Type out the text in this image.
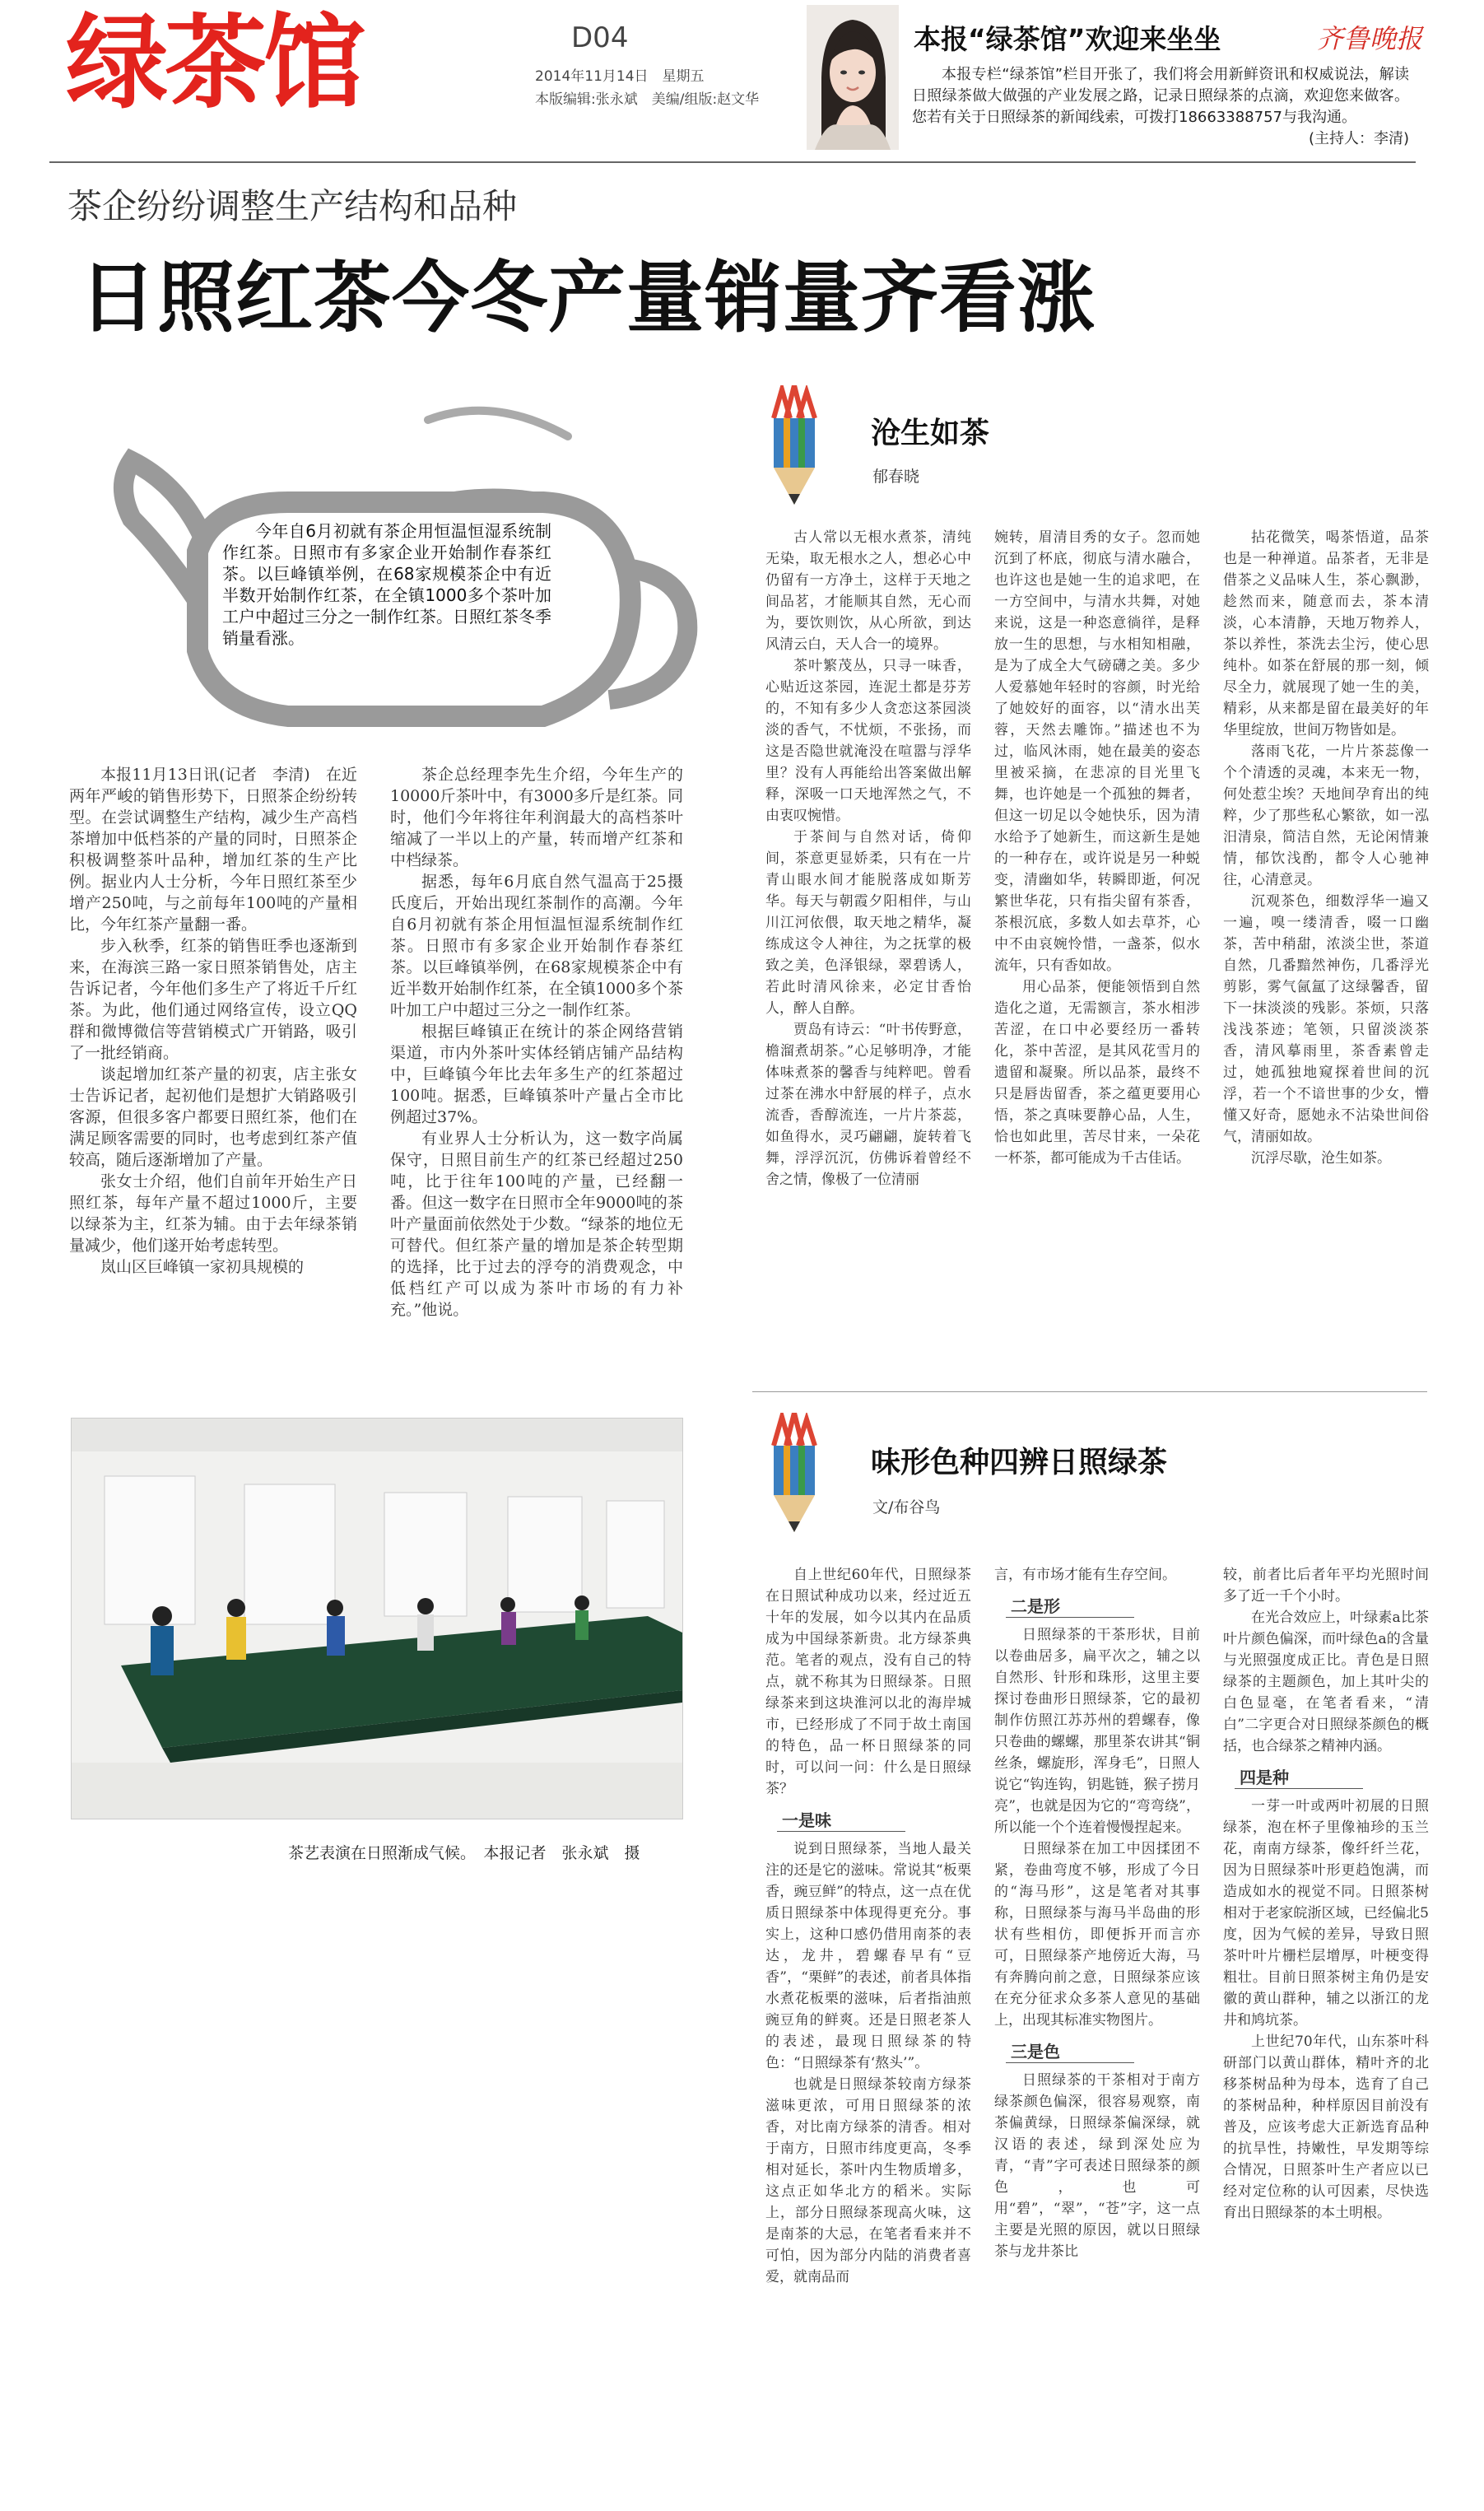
绿茶馆	D04
2014年11月14日　星期五
本版编辑:张永斌　美编/组版:赵文华
本报“绿茶馆”欢迎来坐坐	齐鲁晚报
本报专栏“绿茶馆”栏目开张了，我们将会用新鲜资讯和权威说法，解读日照绿茶做大做强的产业发展之路，记录日照绿茶的点滴，欢迎您来做客。您若有关于日照绿茶的新闻线索，可拨打18663388757与我沟通。
(主持人：李清)
茶企纷纷调整生产结构和品种
日照红茶今冬产量销量齐看涨
今年自6月初就有茶企用恒温恒湿系统制作红茶。日照市有多家企业开始制作春茶红茶。以巨峰镇举例，在68家规模茶企中有近半数开始制作红茶，在全镇1000多个茶叶加工户中超过三分之一制作红茶。日照红茶冬季销量看涨。

本报11月13日讯(记者　李清)　在近两年严峻的销售形势下，日照茶企纷纷转型。在尝试调整生产结构，减少生产高档茶增加中低档茶的产量的同时，日照茶企积极调整茶叶品种，增加红茶的生产比例。据业内人士分析，今年日照红茶至少增产250吨，与之前每年100吨的产量相比，今年红茶产量翻一番。

步入秋季，红茶的销售旺季也逐渐到来，在海滨三路一家日照茶销售处，店主告诉记者，今年他们多生产了将近千斤红茶。为此，他们通过网络宣传，设立QQ群和微博微信等营销模式广开销路，吸引了一批经销商。

谈起增加红茶产量的初衷，店主张女士告诉记者，起初他们是想扩大销路吸引客源，但很多客户都要日照红茶，他们在满足顾客需要的同时，也考虑到红茶产值较高，随后逐渐增加了产量。

张女士介绍，他们自前年开始生产日照红茶，每年产量不超过1000斤，主要以绿茶为主，红茶为辅。由于去年绿茶销量减少，他们遂开始考虑转型。

岚山区巨峰镇一家初具规模的

茶企总经理李先生介绍，今年生产的10000斤茶叶中，有3000多斤是红茶。同时，他们今年将往年利润最大的高档茶叶缩减了一半以上的产量，转而增产红茶和中档绿茶。

据悉，每年6月底自然气温高于25摄氏度后，开始出现红茶制作的高潮。今年自6月初就有茶企用恒温恒湿系统制作红茶。日照市有多家企业开始制作春茶红茶。以巨峰镇举例，在68家规模茶企中有近半数开始制作红茶，在全镇1000多个茶叶加工户中超过三分之一制作红茶。

根据巨峰镇正在统计的茶企网络营销渠道，市内外茶叶实体经销店铺产品结构中，巨峰镇今年比去年多生产的红茶超过100吨。据悉，巨峰镇茶叶产量占全市比例超过37%。

有业界人士分析认为，这一数字尚属保守，日照目前生产的红茶已经超过250吨，比于往年100吨的产量，已经翻一番。但这一数字在日照市全年9000吨的茶叶产量面前依然处于少数。“绿茶的地位无可替代。但红茶产量的增加是茶企转型期的选择，比于过去的浮夸的消费观念，中低档红产可以成为茶叶市场的有力补充。”他说。

茶艺表演在日照渐成气候。　本报记者　张永斌　摄
沧生如茶
郁春晓

古人常以无根水煮茶，清纯无染，取无根水之人，想必心中仍留有一方净土，这样于天地之间品茗，才能顺其自然，无心而为，要饮则饮，从心所欲，到达风清云白，天人合一的境界。

茶叶繁茂丛，只寻一味香，心贴近这茶园，连泥土都是芬芳的，不知有多少人贪恋这茶园淡淡的香气，不忧烦，不张扬，而这是否隐世就淹没在喧嚣与浮华里？没有人再能给出答案做出解释，深吸一口天地浑然之气，不由衷叹惋惜。

于茶间与自然对话，倚仰间，茶意更显娇柔，只有在一片青山眼水间才能脱落成如斯芳华。每天与朝霞夕阳相伴，与山川江河依偎，取天地之精华，凝练成这令人神往，为之抚掌的极致之美，色泽银绿，翠碧诱人，若此时清风徐来，必定甘香怡人，醉人自醉。

贾岛有诗云：“叶书传野意，檐溜煮胡茶。”心足够明净，才能体味煮茶的馨香与纯粹吧。曾看过茶在沸水中舒展的样子，点水流香，香醇流连，一片片茶蕊，如鱼得水，灵巧翩翩，旋转着飞舞，浮浮沉沉，仿佛诉着曾经不舍之情，像极了一位清丽

婉转，眉清目秀的女子。忽而她沉到了杯底，彻底与清水融合，也许这也是她一生的追求吧，在一方空间中，与清水共舞，对她来说，这是一种恣意徜徉，是释放一生的思想，与水相知相融，是为了成全大气磅礴之美。多少人爱慕她年轻时的容颜，时光给了她姣好的面容，以“清水出芙蓉，天然去雕饰。”描述也不为过，临风沐雨，她在最美的姿态里被采摘，在悲凉的目光里飞舞，也许她是一个孤独的舞者，但这一切足以令她快乐，因为清水给予了她新生，而这新生是她的一种存在，或许说是另一种蜕变，清幽如华，转瞬即逝，何况繁世华花，只有指尖留有茶香，茶根沉底，多数人如去草芥，心中不由哀婉怜惜，一盏茶，似水流年，只有香如故。

用心品茶，便能领悟到自然造化之道，无需额言，茶水相涉苦涩，在口中必要经历一番转化，茶中苦涩，是其风花雪月的遗留和凝聚。所以品茶，最终不只是唇齿留香，茶之蕴更要用心悟，茶之真味要静心品，人生，恰也如此里，苦尽甘来，一朵花一杯茶，都可能成为千古佳话。

拈花微笑，喝茶悟道，品茶也是一种禅道。品茶者，无非是借茶之义品味人生，茶心飘渺，趁然而来，随意而去，茶本清淡，心本清静，天地万物养人，茶以养性，茶洗去尘污，使心思纯朴。如茶在舒展的那一刻，倾尽全力，就展现了她一生的美，精彩，从来都是留在最美好的年华里绽放，世间万物皆如是。

落雨飞花，一片片茶蕊像一个个清透的灵魂，本来无一物，何处惹尘埃？天地间孕育出的纯粹，少了那些私心繁欲，如一泓汨清泉，简洁自然，无论闲情兼情，郁饮浅酌，都令人心驰神往，心清意灵。

沉观茶色，细数浮华一遍又一遍，嗅一缕清香，啜一口幽茶，苦中稍甜，浓淡尘世，茶道自然，几番黯然神伤，几番浮光剪影，雾气氤氲了这绿馨香，留下一抹淡淡的残影。茶烦，只落浅浅茶迹；笔领，只留淡淡茶香，清风摹雨里，茶香素曾走过，她孤独地窥探着世间的沉浮，若一个不谙世事的少女，懵懂又好奇，愿她永不沾染世间俗气，清丽如故。

沉浮尽歇，沧生如茶。

味形色种四辨日照绿茶
文/布谷鸟

自上世纪60年代，日照绿茶在日照试种成功以来，经过近五十年的发展，如今以其内在品质成为中国绿茶新贵。北方绿茶典范。笔者的观点，没有自己的特点，就不称其为日照绿茶。日照绿茶来到这块淮河以北的海岸城市，已经形成了不同于故土南国的特色，品一杯日照绿茶的同时，可以问一问：什么是日照绿茶？

一是味

说到日照绿茶，当地人最关注的还是它的滋味。常说其“板栗香，豌豆鲜”的特点，这一点在优质日照绿茶中体现得更充分。事实上，这种口感仍借用南茶的表达，龙井，碧螺春早有“豆香”，“栗鲜”的表述，前者具体指水煮花板栗的滋味，后者指油煎豌豆角的鲜爽。还是日照老茶人的表述，最现日照绿茶的特色：“日照绿茶有‘熬头’”。

也就是日照绿茶较南方绿茶滋味更浓，可用日照绿茶的浓香，对比南方绿茶的清香。相对于南方，日照市纬度更高，冬季相对延长，茶叶内生物质增多，这点正如华北方的稻米。实际上，部分日照绿茶现高火味，这是南茶的大忌，在笔者看来并不可怕，因为部分内陆的消费者喜爱，就南品而

言，有市场才能有生存空间。

二是形

日照绿茶的干茶形状，目前以卷曲居多，扁平次之，辅之以自然形、针形和珠形，这里主要探讨卷曲形日照绿茶，它的最初制作仿照江苏苏州的碧螺春，像只卷曲的螺螺，那里茶农讲其“铜丝条，螺旋形，浑身毛”，日照人说它“钩连钩，钥匙链，猴子捞月亮”，也就是因为它的“弯弯绕”，所以能一个个连着慢慢捏起来。

日照绿茶在加工中因揉团不紧，卷曲弯度不够，形成了今日的“海马形”，这是笔者对其事称，日照绿茶与海马半岛曲的形状有些相仿，即便拆开而言亦可，日照绿茶产地傍近大海，马有奔腾向前之意，日照绿茶应该在充分征求众多茶人意见的基础上，出现其标准实物图片。

三是色

日照绿茶的干茶相对于南方绿茶颜色偏深，很容易观察，南茶偏黄绿，日照绿茶偏深绿，就汉语的表述，绿到深处应为青，“青”字可表述日照绿茶的颜色，也可用“碧”，“翠”，“苍”字，这一点主要是光照的原因，就以日照绿茶与龙井茶比

较，前者比后者年平均光照时间多了近一千个小时。

在光合效应上，叶绿素a比茶叶片颜色偏深，而叶绿色a的含量与光照强度成正比。青色是日照绿茶的主题颜色，加上其叶尖的白色显毫，在笔者看来，“清白”二字更合对日照绿茶颜色的概括，也合绿茶之精神内涵。

四是种

一芽一叶或两叶初展的日照绿茶，泡在杯子里像袖珍的玉兰花，南南方绿茶，像纤纤兰花，因为日照绿茶叶形更趋饱满，而造成如水的视觉不同。日照茶树相对于老家皖浙区域，已经偏北5度，因为气候的差异，导致日照茶叶叶片栅栏层增厚，叶梗变得粗壮。目前日照茶树主角仍是安徽的黄山群种，辅之以浙江的龙井和鸠坑茶。

上世纪70年代，山东茶叶科研部门以黄山群体，精叶齐的北移茶树品种为母本，选育了自己的茶树品种，种样原因目前没有普及，应该考虑大正新选育品种的抗旱性，持嫩性，早发期等综合情况，日照茶叶生产者应以已经对定位称的认可因素，尽快选育出日照绿茶的本土明根。
